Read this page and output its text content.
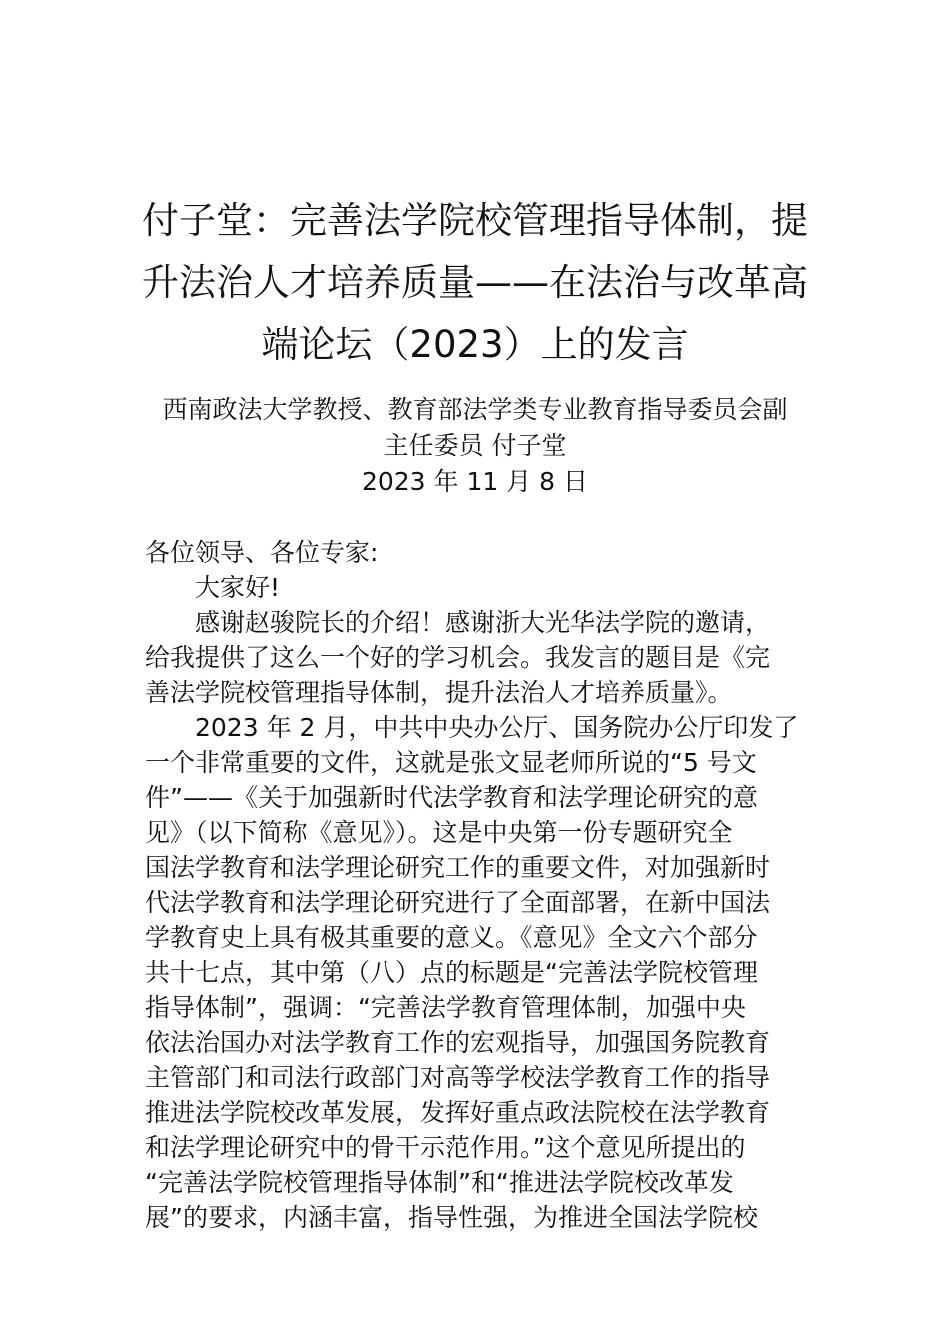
付子堂：完善法学院校管理指导体制，提
升法治人才培养质量——在法治与改革高
端论坛（2023）上的发言
西南政法大学教授、教育部法学类专业教育指导委员会副
主任委员 付子堂
2023 年 11 月 8 日
各位领导、各位专家:
大家好!
感谢赵骏院长的介绍！感谢浙大光华法学院的邀请，
给我提供了这么一个好的学习机会。我发言的题目是《完
善法学院校管理指导体制，提升法治人才培养质量》。
2023 年 2 月，中共中央办公厅、国务院办公厅印发了
一个非常重要的文件，这就是张文显老师所说的“5 号文
件”——《关于加强新时代法学教育和法学理论研究的意
见》（以下简称《意见》）。这是中央第一份专题研究全
国法学教育和法学理论研究工作的重要文件，对加强新时
代法学教育和法学理论研究进行了全面部署，在新中国法
学教育史上具有极其重要的意义。《意见》全文六个部分
共十七点，其中第（八）点的标题是“完善法学院校管理
指导体制”，强调：“完善法学教育管理体制，加强中央
依法治国办对法学教育工作的宏观指导，加强国务院教育
主管部门和司法行政部门对高等学校法学教育工作的指导
推进法学院校改革发展，发挥好重点政法院校在法学教育
和法学理论研究中的骨干示范作用。”这个意见所提出的
“完善法学院校管理指导体制”和“推进法学院校改革发
展”的要求，内涵丰富，指导性强，为推进全国法学院校
